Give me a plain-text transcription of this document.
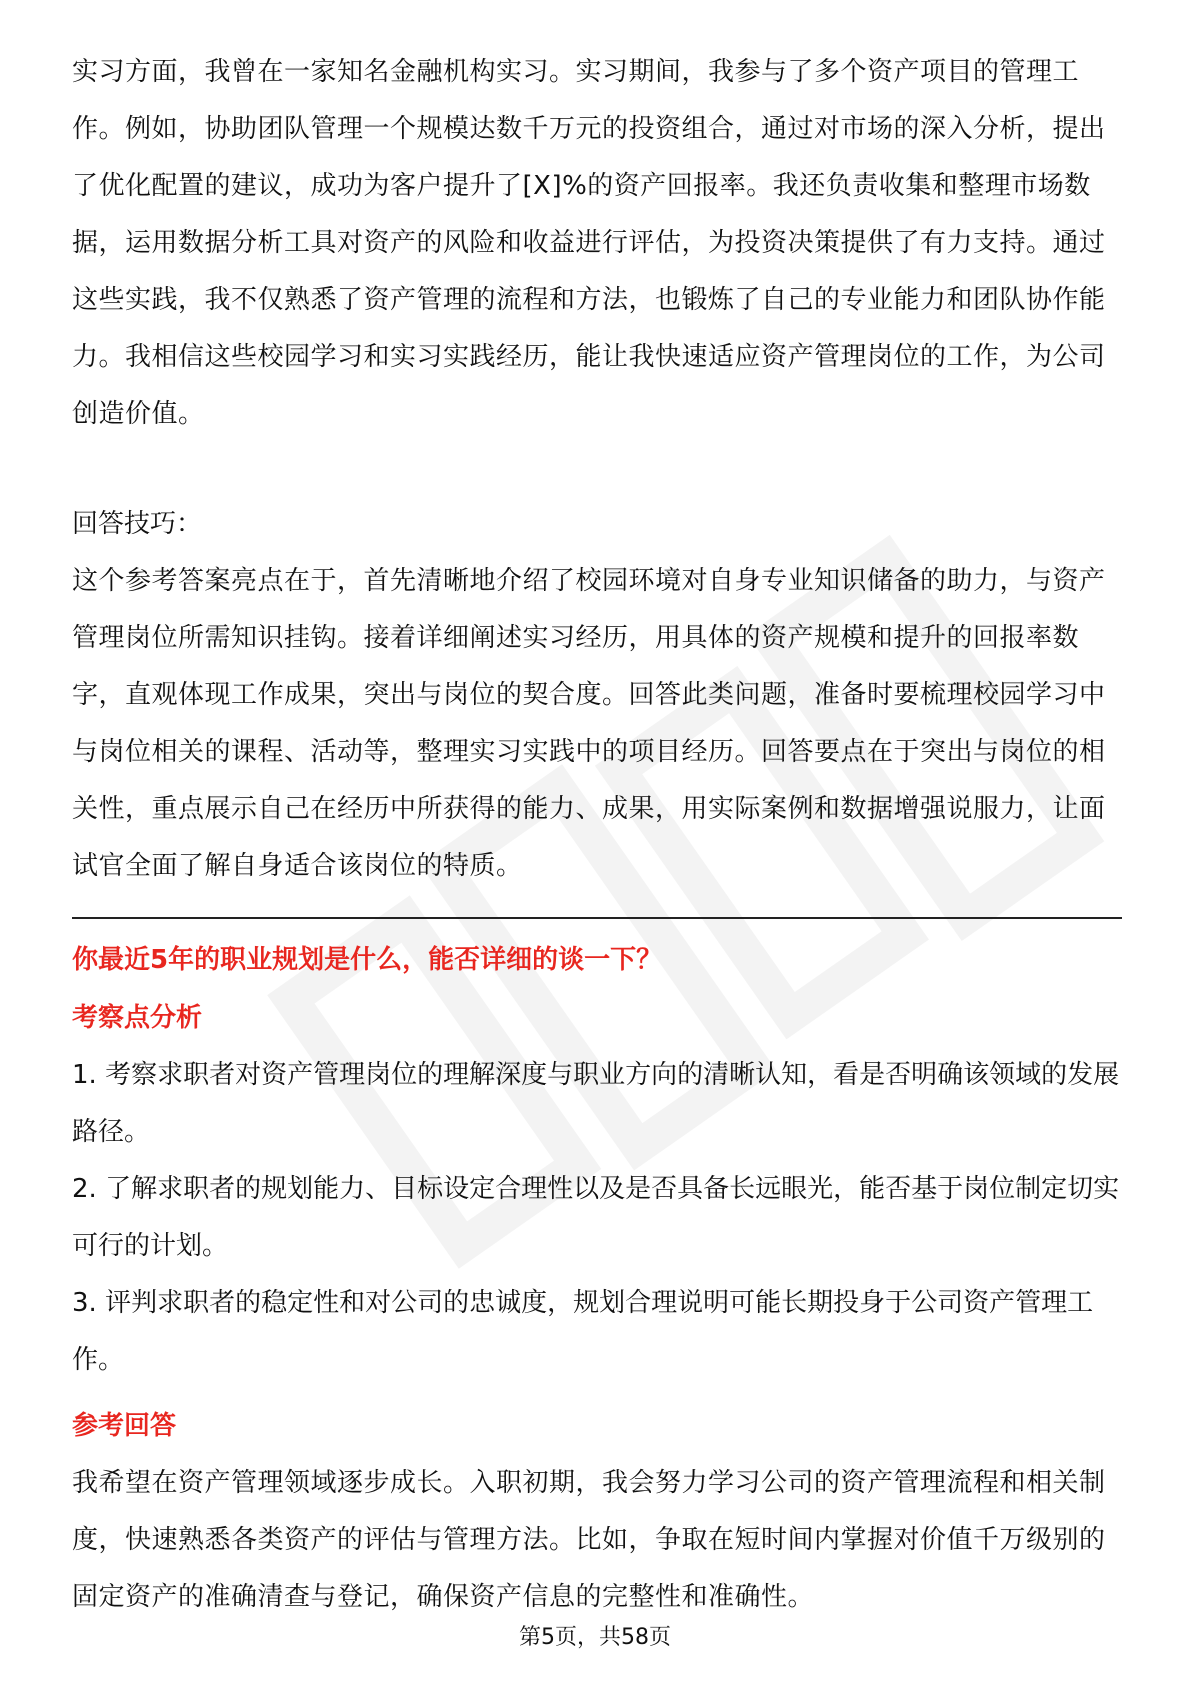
实习方面，我曾在一家知名金融机构实习。实习期间，我参与了多个资产项目的管理工作。例如，协助团队管理一个规模达数千万元的投资组合，通过对市场的深入分析，提出了优化配置的建议，成功为客户提升了[X]%的资产回报率。我还负责收集和整理市场数据，运用数据分析工具对资产的风险和收益进行评估，为投资决策提供了有力支持。通过这些实践，我不仅熟悉了资产管理的流程和方法，也锻炼了自己的专业能力和团队协作能力。我相信这些校园学习和实习实践经历，能让我快速适应资产管理岗位的工作，为公司创造价值。

回答技巧：

这个参考答案亮点在于，首先清晰地介绍了校园环境对自身专业知识储备的助力，与资产管理岗位所需知识挂钩。接着详细阐述实习经历，用具体的资产规模和提升的回报率数字，直观体现工作成果，突出与岗位的契合度。回答此类问题，准备时要梳理校园学习中与岗位相关的课程、活动等，整理实习实践中的项目经历。回答要点在于突出与岗位的相关性，重点展示自己在经历中所获得的能力、成果，用实际案例和数据增强说服力，让面试官全面了解自身适合该岗位的特质。

你最近5年的职业规划是什么，能否详细的谈一下？

考察点分析

1. 考察求职者对资产管理岗位的理解深度与职业方向的清晰认知，看是否明确该领域的发展路径。

2. 了解求职者的规划能力、目标设定合理性以及是否具备长远眼光，能否基于岗位制定切实可行的计划。

3. 评判求职者的稳定性和对公司的忠诚度，规划合理说明可能长期投身于公司资产管理工作。

参考回答

我希望在资产管理领域逐步成长。入职初期，我会努力学习公司的资产管理流程和相关制度，快速熟悉各类资产的评估与管理方法。比如，争取在短时间内掌握对价值千万级别的固定资产的准确清查与登记，确保资产信息的完整性和准确性。

第5页，共58页
